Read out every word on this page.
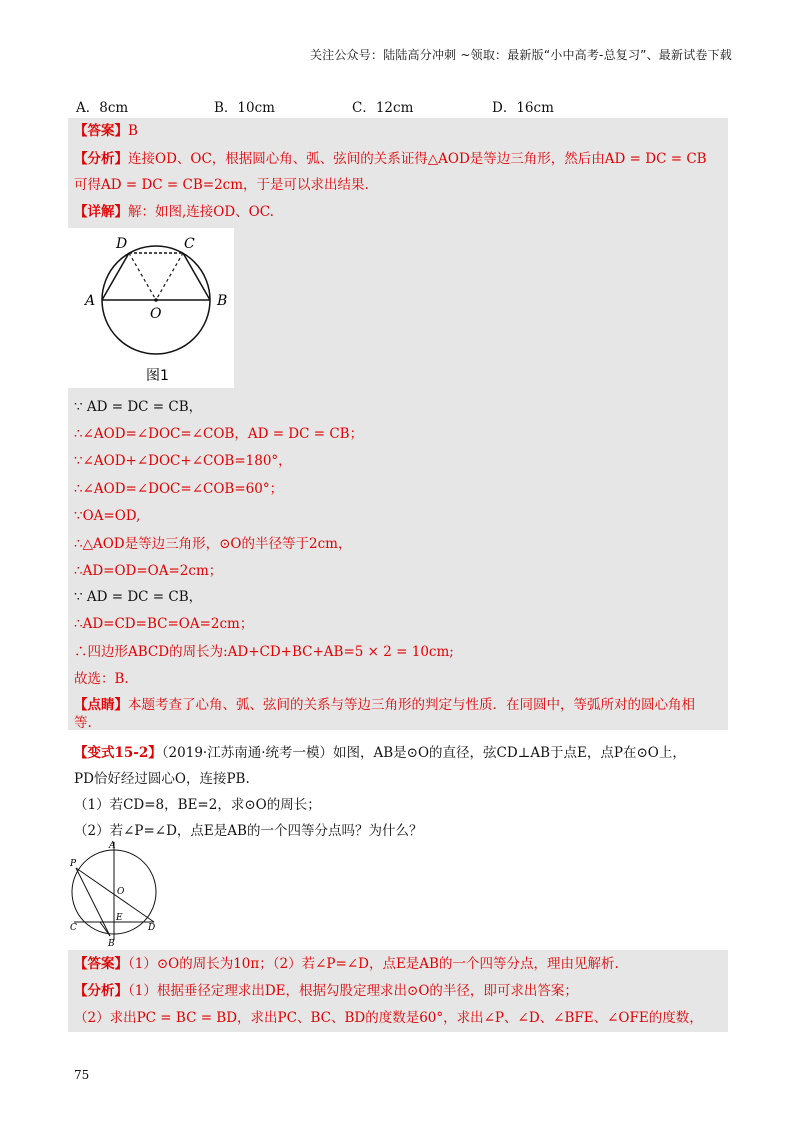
关注公众号：陆陆高分冲刺 ~领取：最新版“小中高考-总复习”、最新试卷下载
A．8cm	B．10cm	C．12cm	D．16cm
【答案】B
【分析】连接OD、OC，根据圆心角、弧、弦间的关系证得△AOD是等边三角形，然后由AD = DC = CB
可得AD = DC = CB=2cm，于是可以求出结果.
【详解】解：如图,连接OD、OC.
D	C
A	B
O
图1
∵ AD = DC = CB，
∴∠AOD=∠DOC=∠COB，AD = DC = CB；
∵∠AOD+∠DOC+∠COB=180°，
∴∠AOD=∠DOC=∠COB=60°；
∵OA=OD,
∴△AOD是等边三角形，⊙O的半径等于2cm，
∴AD=OD=OA=2cm；
∵ AD = DC = CB，
∴AD=CD=BC=OA=2cm；
∴四边形ABCD的周长为:AD+CD+BC+AB=5 × 2 = 10cm;
故选：B.
【点睛】本题考查了心角、弧、弦间的关系与等边三角形的判定与性质．在同圆中，等弧所对的圆心角相
等.
【变式15-2】（2019·江苏南通·统考一模）如图，AB是⊙O的直径，弦CD⊥AB于点E，点P在⊙O上，
PD恰好经过圆心O，连接PB.
（1）若CD=8，BE=2，求⊙O的周长；
（2）若∠P=∠D，点E是AB的一个四等分点吗？为什么？
A
P
O
C
E
D
B
【答案】（1）⊙O的周长为10π；（2）若∠P=∠D，点E是AB的一个四等分点，理由见解析.
【分析】（1）根据垂径定理求出DE，根据勾股定理求出⊙O的半径，即可求出答案；
（2）求出PC = BC = BD，求出PC、BC、BD的度数是60°，求出∠P、∠D、∠BFE、∠OFE的度数，
75
